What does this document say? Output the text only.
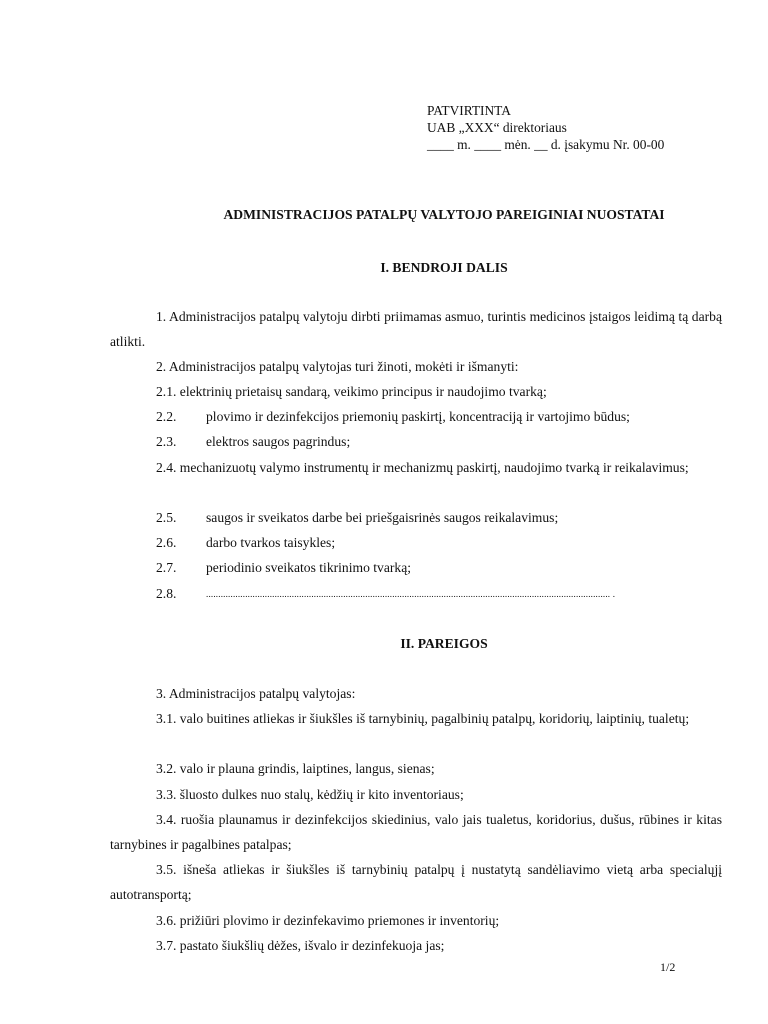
PATVIRTINTA
UAB „XXX“ direktoriaus
____ m. ____ mėn. __ d. įsakymu Nr. 00-00
ADMINISTRACIJOS PATALPŲ VALYTOJO PAREIGINIAI NUOSTATAI
I. BENDROJI DALIS
1. Administracijos patalpų valytoju dirbti priimamas asmuo, turintis medicinos įstaigos leidimą tą darbą atlikti.
2. Administracijos patalpų valytojas turi žinoti, mokėti ir išmanyti:
2.1. elektrinių prietaisų sandarą, veikimo principus ir naudojimo tvarką;
2.2. plovimo ir dezinfekcijos priemonių paskirtį, koncentraciją ir vartojimo būdus;
2.3. elektros saugos pagrindus;
2.4. mechanizuotų valymo instrumentų ir mechanizmų paskirtį, naudojimo tvarką ir reikalavimus;
2.5. saugos ir sveikatos darbe bei priešgaisrinės saugos reikalavimus;
2.6. darbo tvarkos taisykles;
2.7. periodinio sveikatos tikrinimo tvarką;
2.8.	..................................................................................................................................................................... .
II. PAREIGOS
3. Administracijos patalpų valytojas:
3.1. valo buitines atliekas ir šiukšles iš tarnybinių, pagalbinių patalpų, koridorių, laiptinių, tualetų;
3.2. valo ir plauna grindis, laiptines, langus, sienas;
3.3. šluosto dulkes nuo stalų, kėdžių ir kito inventoriaus;
3.4. ruošia plaunamus ir dezinfekcijos skiedinius, valo jais tualetus, koridorius, dušus, rūbines ir kitas tarnybines ir pagalbines patalpas;
3.5. išneša atliekas ir šiukšles iš tarnybinių patalpų į nustatytą sandėliavimo vietą arba specialųjį autotransportą;
3.6. prižiūri plovimo ir dezinfekavimo priemones ir inventorių;
3.7. pastato šiukšlių dėžes, išvalo ir dezinfekuoja jas;
1/2
